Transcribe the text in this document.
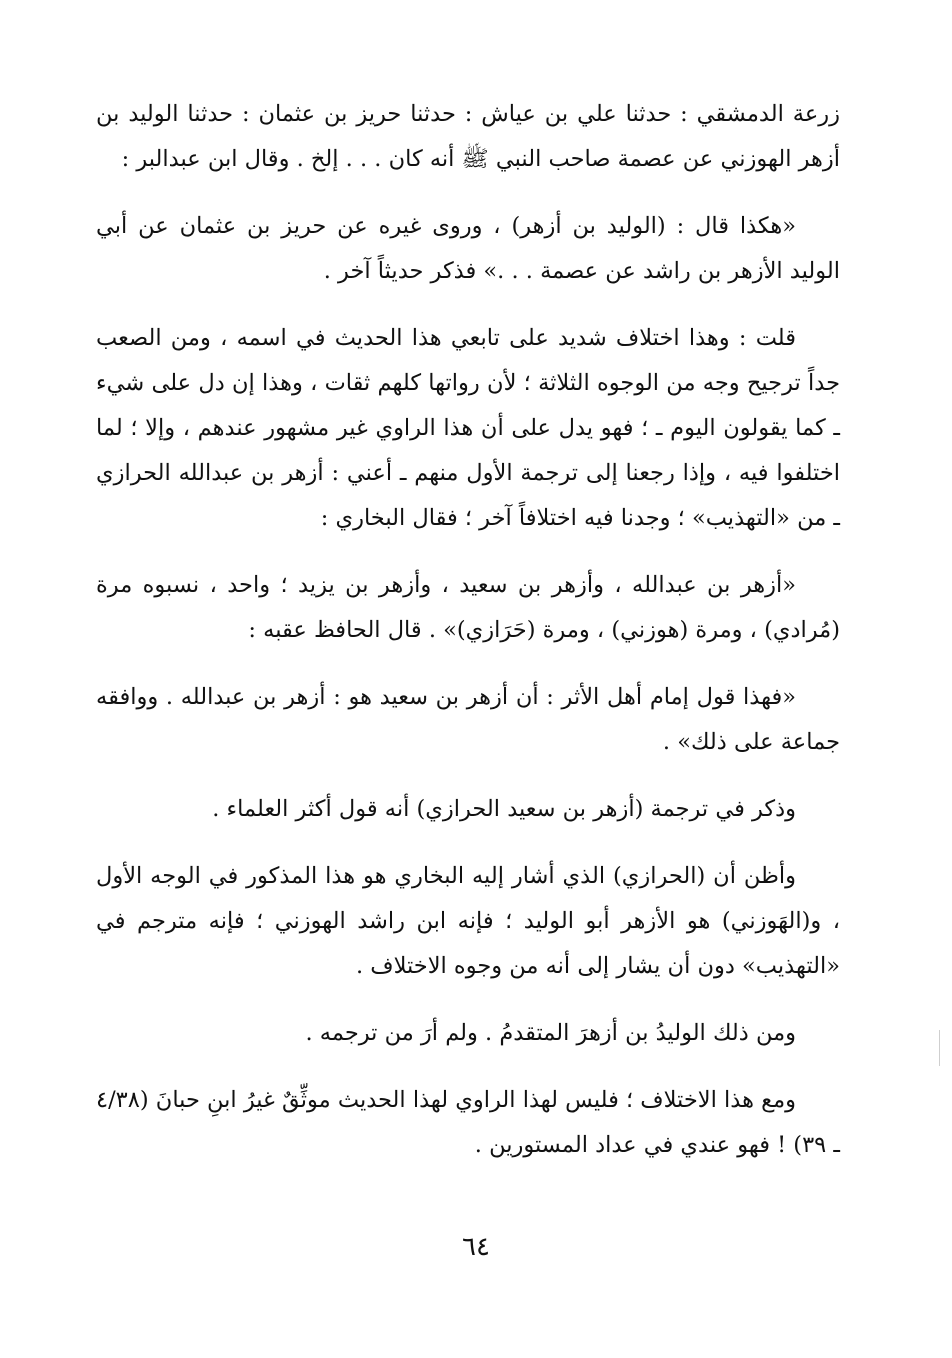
زرعة الدمشقي : حدثنا علي بن عياش : حدثنا حريز بن عثمان : حدثنا الوليد بن أزهر الهوزني عن عصمة صاحب النبي ﷺ أنه كان . . . إلخ . وقال ابن عبدالبر :

«هكذا قال : (الوليد بن أزهر) ، وروى غيره عن حريز بن عثمان عن أبي الوليد الأزهر بن راشد عن عصمة . . .» فذكر حديثاً آخر .

قلت : وهذا اختلاف شديد على تابعي هذا الحديث في اسمه ، ومن الصعب جداً ترجيح وجه من الوجوه الثلاثة ؛ لأن رواتها كلهم ثقات ، وهذا إن دل على شيء ـ كما يقولون اليوم ـ ؛ فهو يدل على أن هذا الراوي غير مشهور عندهم ، وإلا ؛ لما اختلفوا فيه ، وإذا رجعنا إلى ترجمة الأول منهم ـ أعني : أزهر بن عبدالله الحرازي ـ من «التهذيب» ؛ وجدنا فيه اختلافاً آخر ؛ فقال البخاري :

«أزهر بن عبدالله ، وأزهر بن سعيد ، وأزهر بن يزيد ؛ واحد ، نسبوه مرة (مُرادي) ، ومرة (هوزني) ، ومرة (حَرَازي)» . قال الحافظ عقبه :

«فهذا قول إمام أهل الأثر : أن أزهر بن سعيد هو : أزهر بن عبدالله . ووافقه جماعة على ذلك» .

وذكر في ترجمة (أزهر بن سعيد الحرازي) أنه قول أكثر العلماء .

وأظن أن (الحرازي) الذي أشار إليه البخاري هو هذا المذكور في الوجه الأول ، و(الهَوزني) هو الأزهر أبو الوليد ؛ فإنه ابن راشد الهوزني ؛ فإنه مترجم في «التهذيب» دون أن يشار إلى أنه من وجوه الاختلاف .

ومن ذلك الوليدُ بن أزهرَ المتقدمُ . ولم أرَ من ترجمه .

ومع هذا الاختلاف ؛ فليس لهذا الراوي لهذا الحديث موثِّقٌ غيرُ ابنِ حبانَ (٤/٣٨ ـ ٣٩) ! فهو عندي في عداد المستورين .

٦٤
